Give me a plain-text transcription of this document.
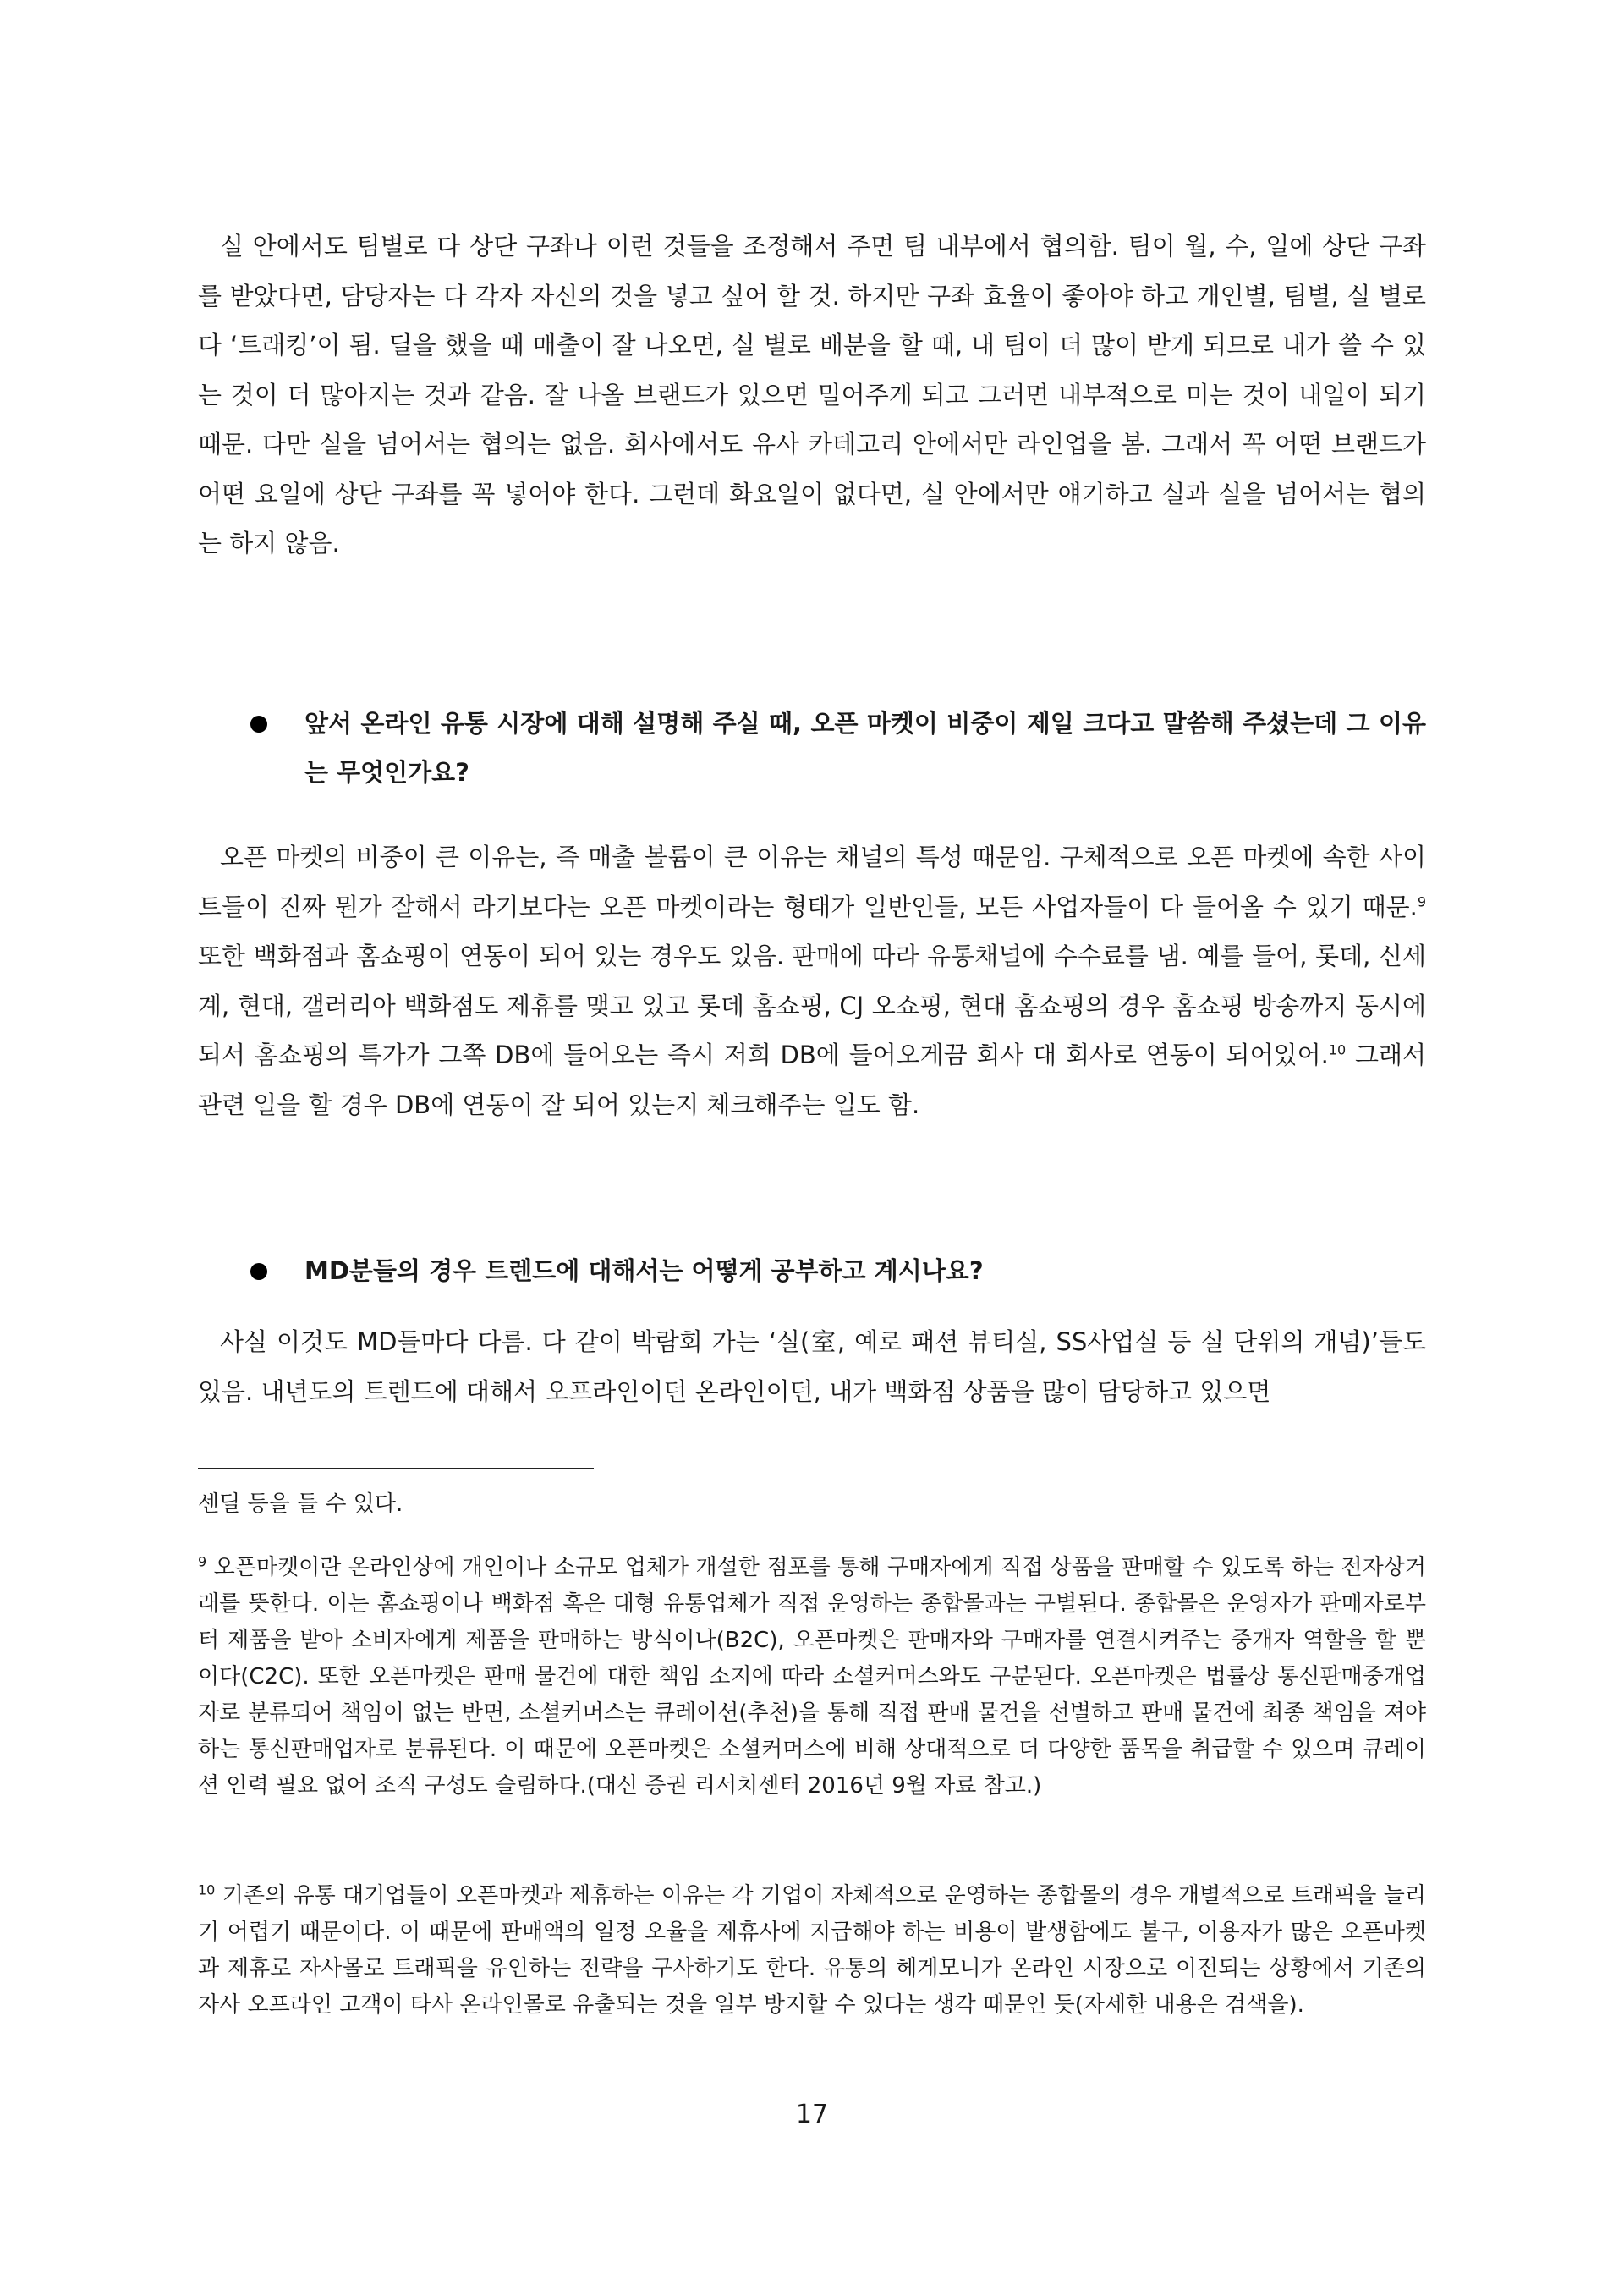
실 안에서도 팀별로 다 상단 구좌나 이런 것들을 조정해서 주면 팀 내부에서 협의함. 팀이 월, 수, 일에 상단 구좌를 받았다면, 담당자는 다 각자 자신의 것을 넣고 싶어 할 것. 하지만 구좌 효율이 좋아야 하고 개인별, 팀별, 실 별로 다 ‘트래킹’이 됨. 딜을 했을 때 매출이 잘 나오면, 실 별로 배분을 할 때, 내 팀이 더 많이 받게 되므로 내가 쓸 수 있는 것이 더 많아지는 것과 같음. 잘 나올 브랜드가 있으면 밀어주게 되고 그러면 내부적으로 미는 것이 내일이 되기 때문. 다만 실을 넘어서는 협의는 없음. 회사에서도 유사 카테고리 안에서만 라인업을 봄. 그래서 꼭 어떤 브랜드가 어떤 요일에 상단 구좌를 꼭 넣어야 한다. 그런데 화요일이 없다면, 실 안에서만 얘기하고 실과 실을 넘어서는 협의는 하지 않음.

앞서 온라인 유통 시장에 대해 설명해 주실 때, 오픈 마켓이 비중이 제일 크다고 말씀해 주셨는데 그 이유는 무엇인가요?

오픈 마켓의 비중이 큰 이유는, 즉 매출 볼륨이 큰 이유는 채널의 특성 때문임. 구체적으로 오픈 마켓에 속한 사이트들이 진짜 뭔가 잘해서 라기보다는 오픈 마켓이라는 형태가 일반인들, 모든 사업자들이 다 들어올 수 있기 때문.$^9$ 또한 백화점과 홈쇼핑이 연동이 되어 있는 경우도 있음. 판매에 따라 유통채널에 수수료를 냄. 예를 들어, 롯데, 신세계, 현대, 갤러리아 백화점도 제휴를 맺고 있고 롯데 홈쇼핑, CJ 오쇼핑, 현대 홈쇼핑의 경우 홈쇼핑 방송까지 동시에 되서 홈쇼핑의 특가가 그쪽 DB에 들어오는 즉시 저희 DB에 들어오게끔 회사 대 회사로 연동이 되어있어.$^{10}$ 그래서 관련 일을 할 경우 DB에 연동이 잘 되어 있는지 체크해주는 일도 함.

MD분들의 경우 트렌드에 대해서는 어떻게 공부하고 계시나요?

사실 이것도 MD들마다 다름. 다 같이 박람회 가는 ‘실(室, 예로 패션 뷰티실, SS사업실 등 실 단위의 개념)’들도 있음. 내년도의 트렌드에 대해서 오프라인이던 온라인이던, 내가 백화점 상품을 많이 담당하고 있으면

센딜 등을 들 수 있다.

$^9$ 오픈마켓이란 온라인상에 개인이나 소규모 업체가 개설한 점포를 통해 구매자에게 직접 상품을 판매할 수 있도록 하는 전자상거래를 뜻한다. 이는 홈쇼핑이나 백화점 혹은 대형 유통업체가 직접 운영하는 종합몰과는 구별된다. 종합몰은 운영자가 판매자로부터 제품을 받아 소비자에게 제품을 판매하는 방식이나(B2C), 오픈마켓은 판매자와 구매자를 연결시켜주는 중개자 역할을 할 뿐이다(C2C). 또한 오픈마켓은 판매 물건에 대한 책임 소지에 따라 소셜커머스와도 구분된다. 오픈마켓은 법률상 통신판매중개업자로 분류되어 책임이 없는 반면, 소셜커머스는 큐레이션(추천)을 통해 직접 판매 물건을 선별하고 판매 물건에 최종 책임을 져야 하는 통신판매업자로 분류된다. 이 때문에 오픈마켓은 소셜커머스에 비해 상대적으로 더 다양한 품목을 취급할 수 있으며 큐레이션 인력 필요 없어 조직 구성도 슬림하다.(대신 증권 리서치센터 2016년 9월 자료 참고.)

$^{10}$ 기존의 유통 대기업들이 오픈마켓과 제휴하는 이유는 각 기업이 자체적으로 운영하는 종합몰의 경우 개별적으로 트래픽을 늘리기 어렵기 때문이다. 이 때문에 판매액의 일정 오율을 제휴사에 지급해야 하는 비용이 발생함에도 불구, 이용자가 많은 오픈마켓과 제휴로 자사몰로 트래픽을 유인하는 전략을 구사하기도 한다. 유통의 헤게모니가 온라인 시장으로 이전되는 상황에서 기존의 자사 오프라인 고객이 타사 온라인몰로 유출되는 것을 일부 방지할 수 있다는 생각 때문인 듯(자세한 내용은 검색을).

17
